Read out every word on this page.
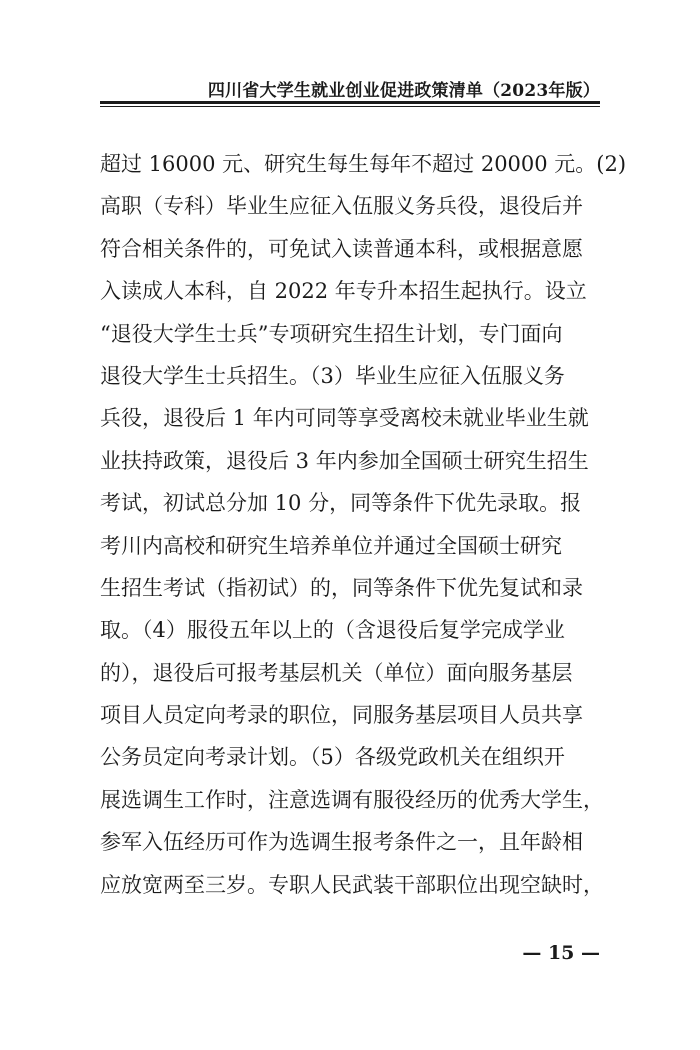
四川省大学生就业创业促进政策清单（2023年版）
超过 16000 元、研究生每生每年不超过 20000 元。(2)
高职（专科）毕业生应征入伍服义务兵役，退役后并
符合相关条件的，可免试入读普通本科，或根据意愿
入读成人本科，自 2022 年专升本招生起执行。设立
“退役大学生士兵”专项研究生招生计划，专门面向
退役大学生士兵招生。（3）毕业生应征入伍服义务
兵役，退役后 1 年内可同等享受离校未就业毕业生就
业扶持政策，退役后 3 年内参加全国硕士研究生招生
考试，初试总分加 10 分，同等条件下优先录取。报
考川内高校和研究生培养单位并通过全国硕士研究
生招生考试（指初试）的，同等条件下优先复试和录
取。（4）服役五年以上的（含退役后复学完成学业
的），退役后可报考基层机关（单位）面向服务基层
项目人员定向考录的职位，同服务基层项目人员共享
公务员定向考录计划。（5）各级党政机关在组织开
展选调生工作时，注意选调有服役经历的优秀大学生，
参军入伍经历可作为选调生报考条件之一，且年龄相
应放宽两至三岁。专职人民武装干部职位出现空缺时，
— 15 —
